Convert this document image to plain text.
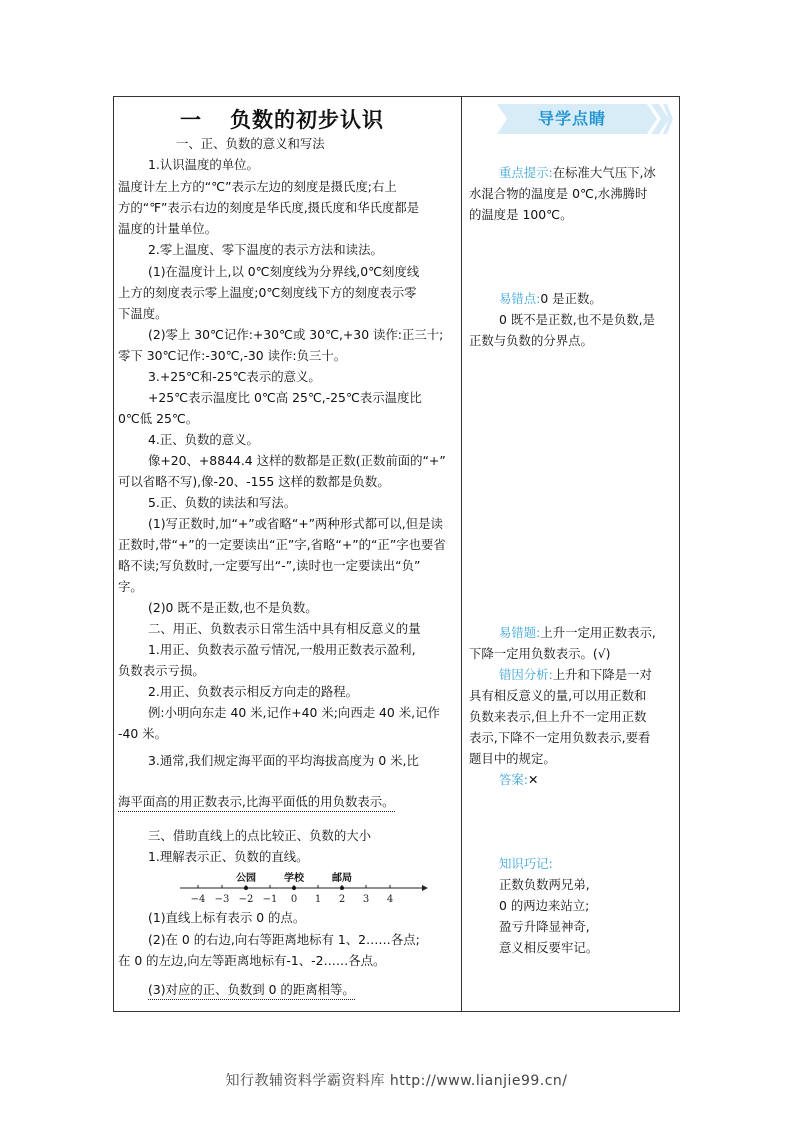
一 负数的初步认识
一、正、负数的意义和写法
1.认识温度的单位。
温度计左上方的“℃”表示左边的刻度是摄氏度;右上
方的“℉”表示右边的刻度是华氏度,摄氏度和华氏度都是
温度的计量单位。
2.零上温度、零下温度的表示方法和读法。
(1)在温度计上,以 0℃刻度线为分界线,0℃刻度线
上方的刻度表示零上温度;0℃刻度线下方的刻度表示零
下温度。
(2)零上 30℃记作:+30℃或 30℃,+30 读作:正三十;
零下 30℃记作:-30℃,-30 读作:负三十。
3.+25℃和-25℃表示的意义。
+25℃表示温度比 0℃高 25℃,-25℃表示温度比
0℃低 25℃。
4.正、负数的意义。
像+20、+8844.4 这样的数都是正数(正数前面的“+”
可以省略不写),像-20、-155 这样的数都是负数。
5.正、负数的读法和写法。
(1)写正数时,加“+”或省略“+”两种形式都可以,但是读
正数时,带“+”的一定要读出“正”字,省略“+”的“正”字也要省
略不读;写负数时,一定要写出“-”,读时也一定要读出“负”
字。
(2)0 既不是正数,也不是负数。
二、用正、负数表示日常生活中具有相反意义的量
1.用正、负数表示盈亏情况,一般用正数表示盈利,
负数表示亏损。
2.用正、负数表示相反方向走的路程。
例:小明向东走 40 米,记作+40 米;向西走 40 米,记作
-40 米。
3.通常,我们规定海平面的平均海拔高度为 0 米,比
海平面高的用正数表示,比海平面低的用负数表示。
三、借助直线上的点比较正、负数的大小
1.理解表示正、负数的直线。
−4 −3 −2 −1 0 1 2 3 4
公园	学校	邮局
(1)直线上标有表示 0 的点。
(2)在 0 的右边,向右等距离地标有 1、2……各点;
在 0 的左边,向左等距离地标有-1、-2……各点。
(3)对应的正、负数到 0 的距离相等。
导学点睛
重点提示:在标准大气压下,冰
水混合物的温度是 0℃,水沸腾时
的温度是 100℃。
易错点:0 是正数。
0 既不是正数,也不是负数,是
正数与负数的分界点。
易错题:上升一定用正数表示,
下降一定用负数表示。(√)
错因分析:上升和下降是一对
具有相反意义的量,可以用正数和
负数来表示,但上升不一定用正数
表示,下降不一定用负数表示,要看
题目中的规定。
答案:✕
知识巧记:
正数负数两兄弟,
0 的两边来站立;
盈亏升降显神奇,
意义相反要牢记。
知行教辅资料学霸资料库 http://www.lianjie99.cn/
